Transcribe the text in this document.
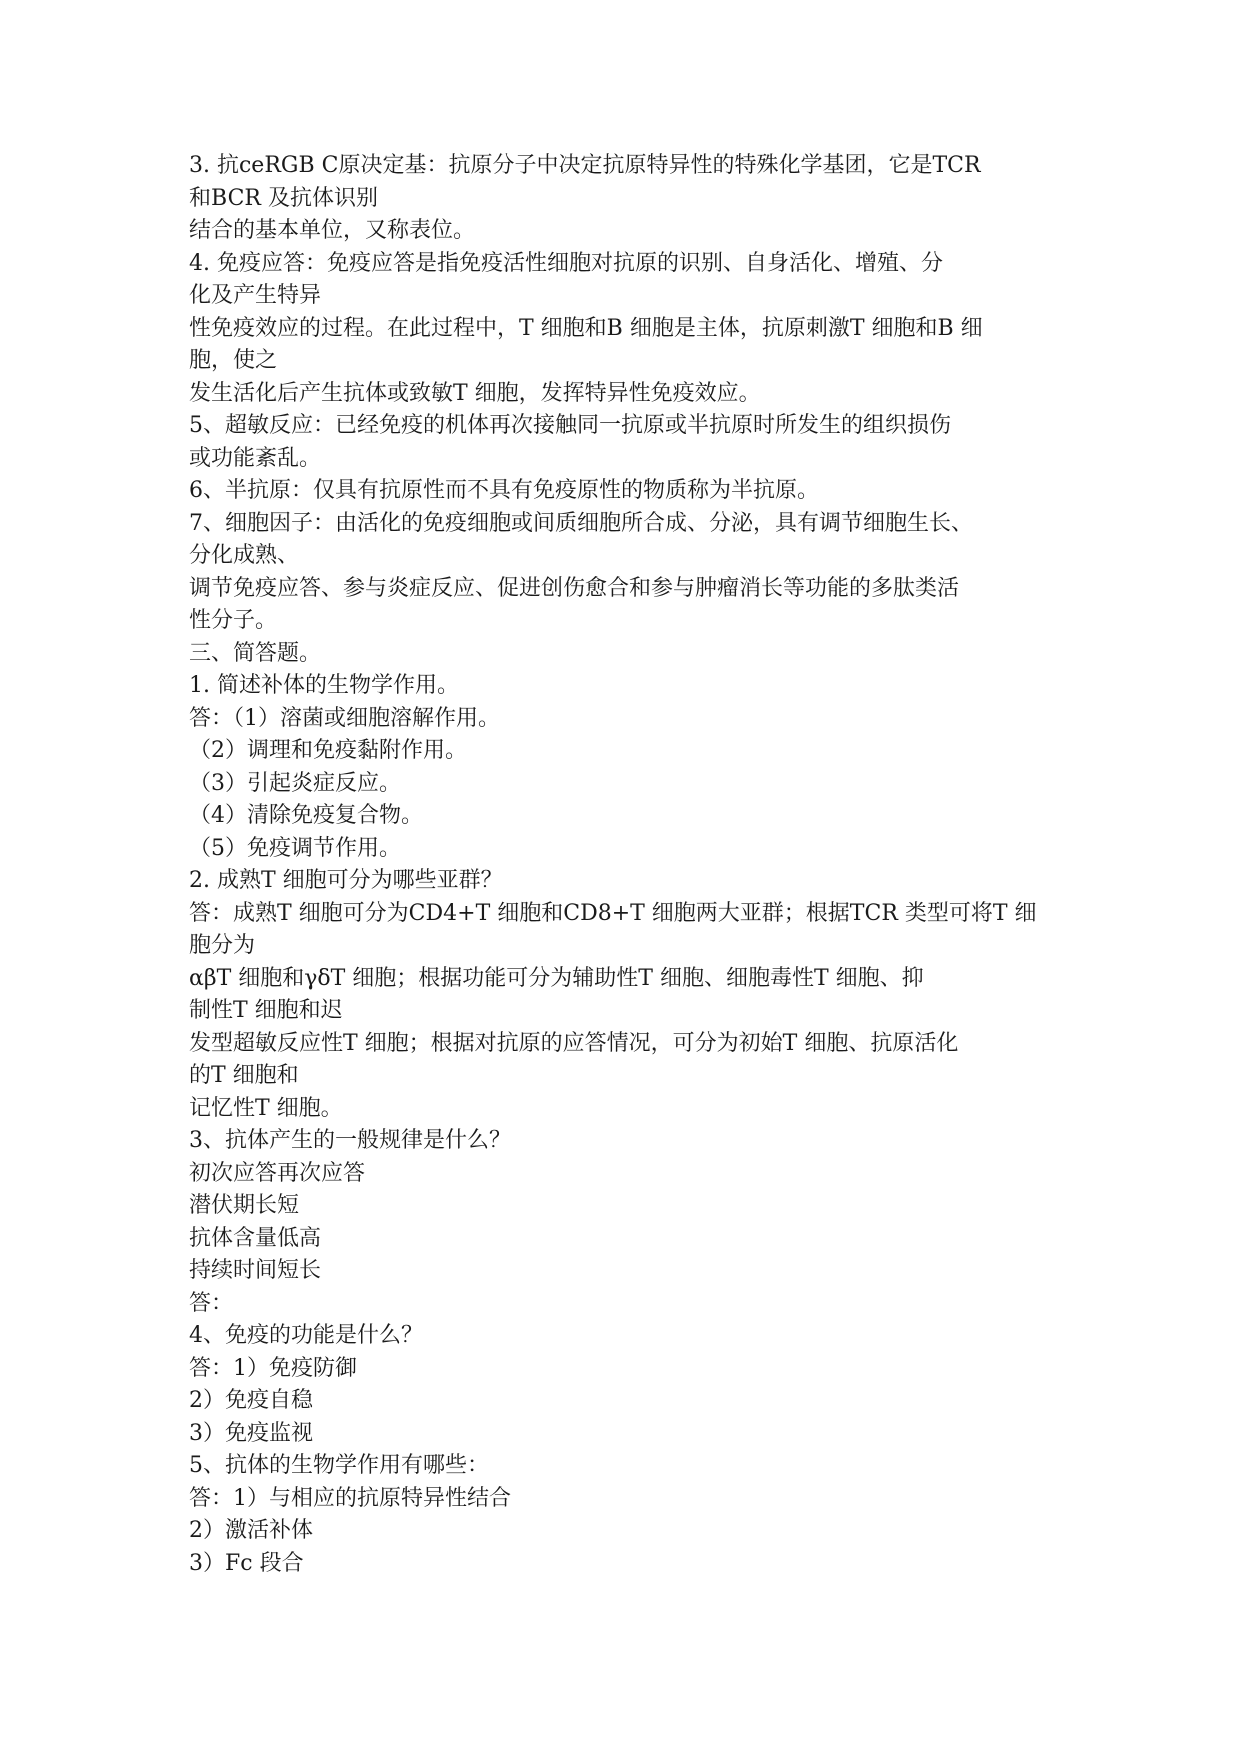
3. 抗ceRGB C原决定基：抗原分子中决定抗原特异性的特殊化学基团，它是TCR
和BCR 及抗体识别
结合的基本单位，又称表位。
4. 免疫应答：免疫应答是指免疫活性细胞对抗原的识别、自身活化、增殖、分
化及产生特异
性免疫效应的过程。在此过程中，T 细胞和B 细胞是主体，抗原刺激T 细胞和B 细
胞，使之
发生活化后产生抗体或致敏T 细胞，发挥特异性免疫效应。
5、超敏反应：已经免疫的机体再次接触同一抗原或半抗原时所发生的组织损伤
或功能紊乱。
6、半抗原：仅具有抗原性而不具有免疫原性的物质称为半抗原。
7、细胞因子：由活化的免疫细胞或间质细胞所合成、分泌，具有调节细胞生长、
分化成熟、
调节免疫应答、参与炎症反应、促进创伤愈合和参与肿瘤消长等功能的多肽类活
性分子。
三、简答题。
1. 简述补体的生物学作用。
答：（1）溶菌或细胞溶解作用。
（2）调理和免疫黏附作用。
（3）引起炎症反应。
（4）清除免疫复合物。
（5）免疫调节作用。
2. 成熟T 细胞可分为哪些亚群？
答：成熟T 细胞可分为CD4+T 细胞和CD8+T 细胞两大亚群；根据TCR 类型可将T 细
胞分为
αβT 细胞和γδT 细胞；根据功能可分为辅助性T 细胞、细胞毒性T 细胞、抑
制性T 细胞和迟
发型超敏反应性T 细胞；根据对抗原的应答情况，可分为初始T 细胞、抗原活化
的T 细胞和
记忆性T 细胞。
3、抗体产生的一般规律是什么？
初次应答再次应答
潜伏期长短
抗体含量低高
持续时间短长
答：
4、免疫的功能是什么？
答：1）免疫防御
2）免疫自稳
3）免疫监视
5、抗体的生物学作用有哪些：
答：1）与相应的抗原特异性结合
2）激活补体
3）Fc 段合
